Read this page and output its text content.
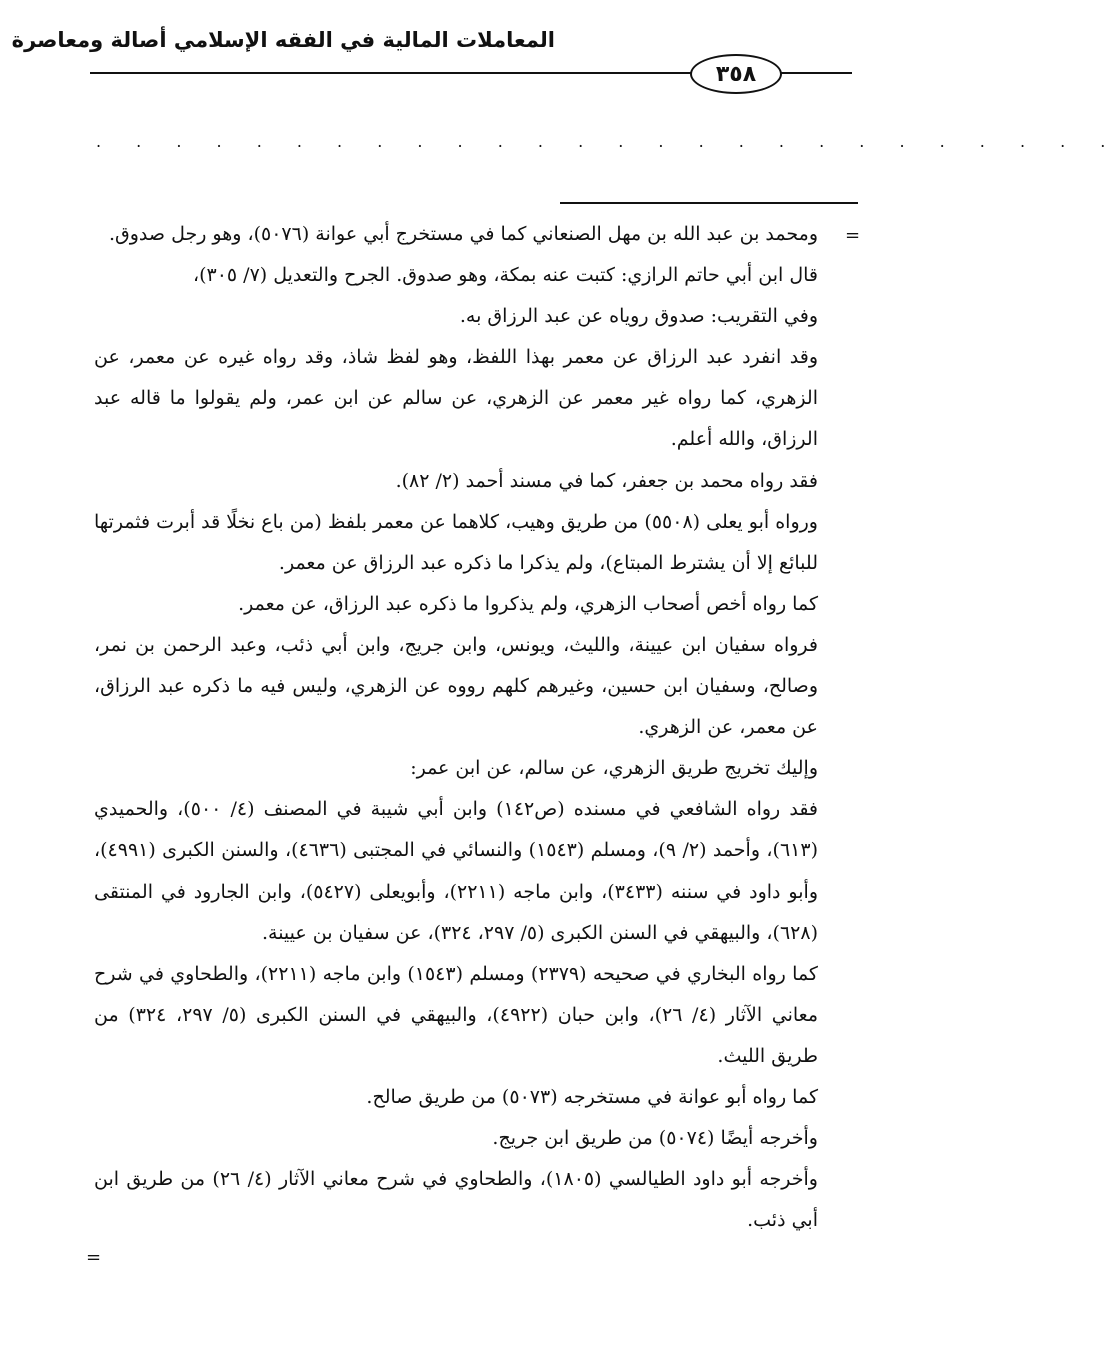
المعاملات المالية في الفقه الإسلامي أصالة ومعاصرة
٣٥٨
. . . . . . . . . . . . . . . . . . . . . . . . . .
=

ومحمد بن عبد الله بن مهل الصنعاني كما في مستخرج أبي عوانة (٥٠٧٦)، وهو رجل صدوق.

قال ابن أبي حاتم الرازي: كتبت عنه بمكة، وهو صدوق. الجرح والتعديل (٧/ ٣٠٥)،

وفي التقريب: صدوق روياه عن عبد الرزاق به.

وقد انفرد عبد الرزاق عن معمر بهذا اللفظ، وهو لفظ شاذ، وقد رواه غيره عن معمر، عن الزهري، كما رواه غير معمر عن الزهري، عن سالم عن ابن عمر، ولم يقولوا ما قاله عبد الرزاق، والله أعلم.

فقد رواه محمد بن جعفر، كما في مسند أحمد (٢/ ٨٢).

ورواه أبو يعلى (٥٥٠٨) من طريق وهيب، كلاهما عن معمر بلفظ (من باع نخلًا قد أبرت فثمرتها للبائع إلا أن يشترط المبتاع)، ولم يذكرا ما ذكره عبد الرزاق عن معمر.

كما رواه أخص أصحاب الزهري، ولم يذكروا ما ذكره عبد الرزاق، عن معمر.

فرواه سفيان ابن عيينة، والليث، ويونس، وابن جريج، وابن أبي ذئب، وعبد الرحمن بن نمر، وصالح، وسفيان ابن حسين، وغيرهم كلهم رووه عن الزهري، وليس فيه ما ذكره عبد الرزاق، عن معمر، عن الزهري.

وإليك تخريج طريق الزهري، عن سالم، عن ابن عمر:

فقد رواه الشافعي في مسنده (ص١٤٢) وابن أبي شيبة في المصنف (٤/ ٥٠٠)، والحميدي (٦١٣)، وأحمد (٢/ ٩)، ومسلم (١٥٤٣) والنسائي في المجتبى (٤٦٣٦)، والسنن الكبرى (٤٩٩١)، وأبو داود في سننه (٣٤٣٣)، وابن ماجه (٢٢١١)، وأبويعلى (٥٤٢٧)، وابن الجارود في المنتقى (٦٢٨)، والبيهقي في السنن الكبرى (٥/ ٢٩٧، ٣٢٤)، عن سفيان بن عيينة.

كما رواه البخاري في صحيحه (٢٣٧٩) ومسلم (١٥٤٣) وابن ماجه (٢٢١١)، والطحاوي في شرح معاني الآثار (٤/ ٢٦)، وابن حبان (٤٩٢٢)، والبيهقي في السنن الكبرى (٥/ ٢٩٧، ٣٢٤) من طريق الليث.

كما رواه أبو عوانة في مستخرجه (٥٠٧٣) من طريق صالح.

وأخرجه أيضًا (٥٠٧٤) من طريق ابن جريج.

وأخرجه أبو داود الطيالسي (١٨٠٥)، والطحاوي في شرح معاني الآثار (٤/ ٢٦) من طريق ابن أبي ذئب.

=
